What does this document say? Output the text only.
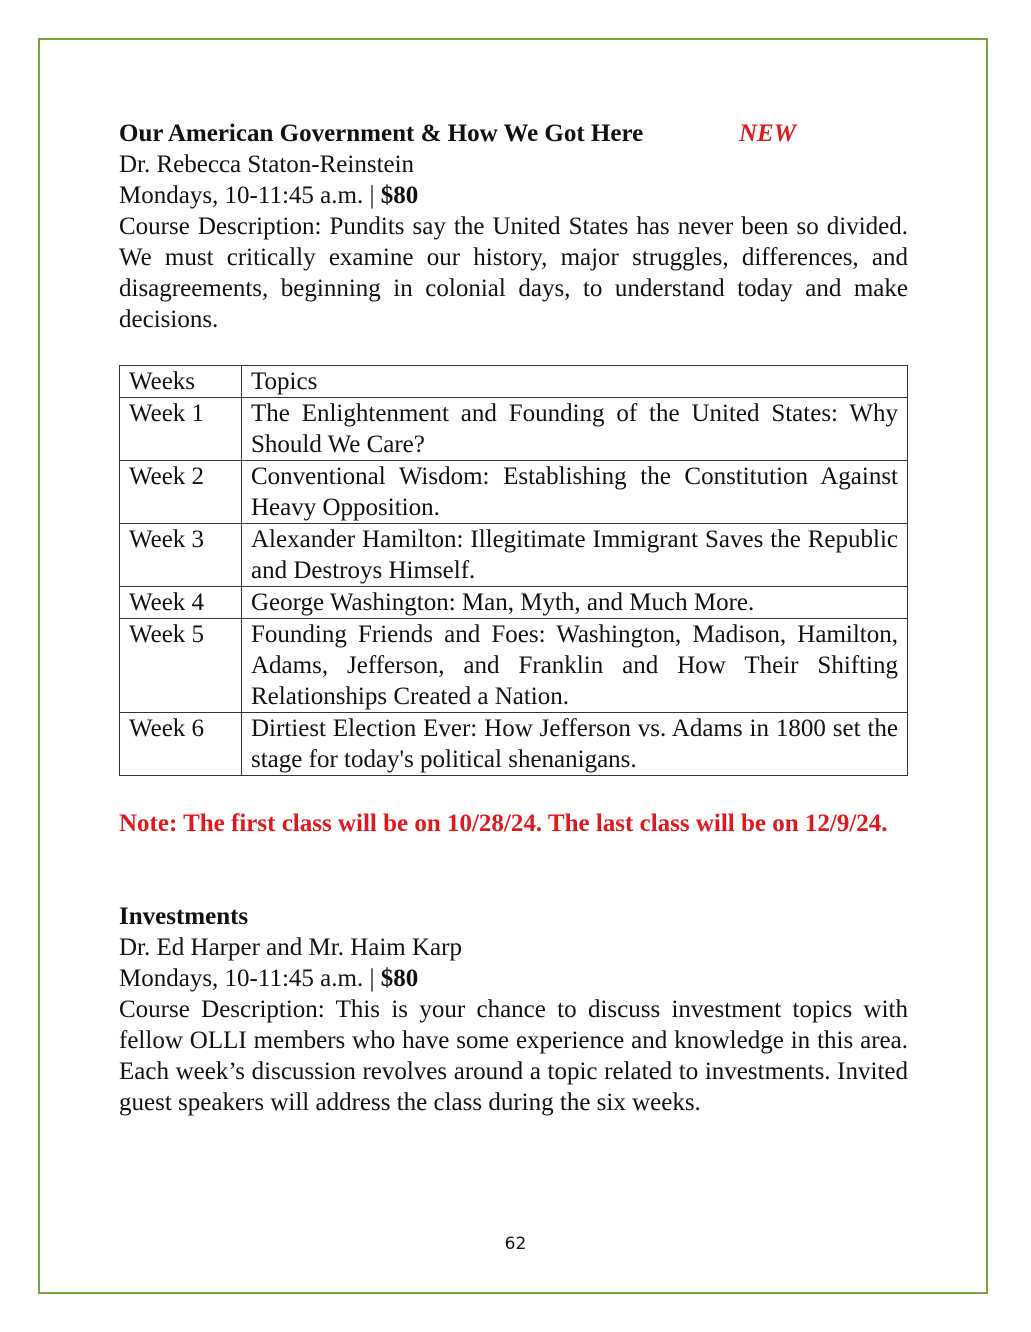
Our American Government & How We Got Here	NEW
Dr. Rebecca Staton-Reinstein
Mondays, 10-11:45 a.m. | $80
Course Description: Pundits say the United States has never been so divided. We must critically examine our history, major struggles, differences, and disagreements, beginning in colonial days, to understand today and make decisions.
Weeks	Topics
Week 1	The Enlightenment and Founding of the United States: Why Should We Care?
Week 2	Conventional Wisdom: Establishing the Constitution Against Heavy Opposition.
Week 3	Alexander Hamilton: Illegitimate Immigrant Saves the Republic and Destroys Himself.
Week 4	George Washington: Man, Myth, and Much More.
Week 5	Founding Friends and Foes: Washington, Madison, Hamilton, Adams, Jefferson, and Franklin and How Their Shifting Relationships Created a Nation.
Week 6	Dirtiest Election Ever: How Jefferson vs. Adams in 1800 set the stage for today's political shenanigans.
Note: The first class will be on 10/28/24. The last class will be on 12/9/24.
Investments
Dr. Ed Harper and Mr. Haim Karp
Mondays, 10-11:45 a.m. | $80
Course Description: This is your chance to discuss investment topics with fellow OLLI members who have some experience and knowledge in this area. Each week’s discussion revolves around a topic related to investments. Invited guest speakers will address the class during the six weeks.
62
